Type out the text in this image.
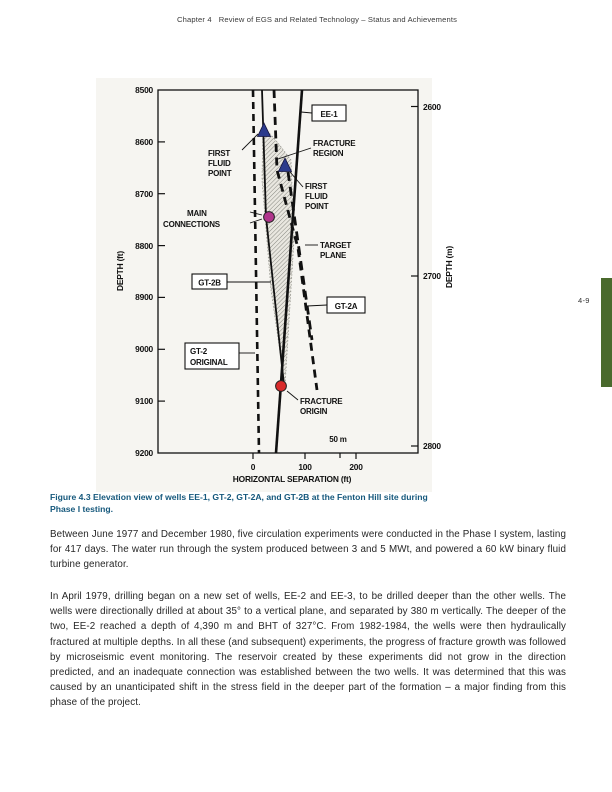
Chapter 4 Review of EGS and Related Technology – Status and Achievements
8500
8600
8700
8800
8900
9000
9100
9200
2600
2700
2800
0	100	200
DEPTH (ft)	DEPTH (m)
HORIZONTAL SEPARATION (ft)
EE-1
GT-2B
GT-2A
GT-2
ORIGINAL
FIRST
FLUID
POINT
FRACTURE
REGION
FIRST
FLUID
POINT
MAIN
CONNECTIONS
TARGET
PLANE
FRACTURE
ORIGIN
50 m
Figure 4.3 Elevation view of wells EE-1, GT-2, GT-2A, and GT-2B at the Fenton Hill site during
Phase I testing.
Between June 1977 and December 1980, five circulation experiments were conducted in the Phase I system, lasting for 417 days. The water run through the system produced between 3 and 5 MWt, and powered a 60 kW binary fluid turbine generator.
In April 1979, drilling began on a new set of wells, EE-2 and EE-3, to be drilled deeper than the other wells. The wells were directionally drilled at about 35° to a vertical plane, and separated by 380 m vertically. The deeper of the two, EE-2 reached a depth of 4,390 m and BHT of 327°C. From 1982-1984, the wells were then hydraulically fractured at multiple depths. In all these (and subsequent) experiments, the progress of fracture growth was followed by microseismic event monitoring. The reservoir created by these experiments did not grow in the direction predicted, and an inadequate connection was established between the two wells. It was determined that this was caused by an unanticipated shift in the stress field in the deeper part of the formation – a major finding from this phase of the project.
4-9
